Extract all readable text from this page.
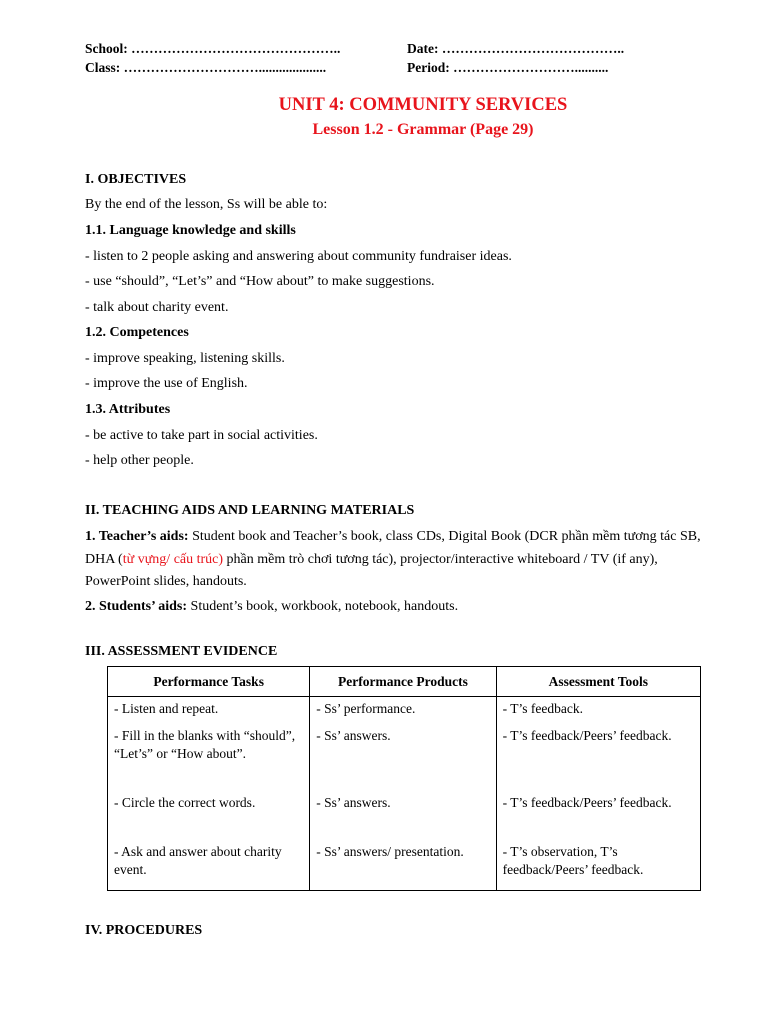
School: ………………………………………..	Date: …………………………………..
Class: …………………………....................	Period: ………………………..........
UNIT 4: COMMUNITY SERVICES
Lesson 1.2 - Grammar (Page 29)
I. OBJECTIVES
By the end of the lesson, Ss will be able to:
1.1. Language knowledge and skills
- listen to 2 people asking and answering about community fundraiser ideas.
- use “should”, “Let’s” and “How about” to make suggestions.
- talk about charity event.
1.2. Competences
- improve speaking, listening skills.
- improve the use of English.
1.3. Attributes
- be active to take part in social activities.
- help other people.
II. TEACHING AIDS AND LEARNING MATERIALS
1. Teacher’s aids: Student book and Teacher’s book, class CDs, Digital Book (DCR phần mềm tương tác SB, DHA (từ vựng/ cấu trúc) phần mềm trò chơi tương tác), projector/interactive whiteboard / TV (if any), PowerPoint slides, handouts.
2. Students’ aids: Student’s book, workbook, notebook, handouts.
III. ASSESSMENT EVIDENCE
Performance Tasks	Performance Products	Assessment Tools
- Listen and repeat.	- Ss’ performance.	- T’s feedback.
- Fill in the blanks with “should”, “Let’s” or “How about”.	- Ss’ answers.	- T’s feedback/Peers’ feedback.
- Circle the correct words.	- Ss’ answers.	- T’s feedback/Peers’ feedback.
- Ask and answer about charity event.	- Ss’ answers/ presentation.	- T’s observation, T’s feedback/Peers’ feedback.
IV. PROCEDURES
